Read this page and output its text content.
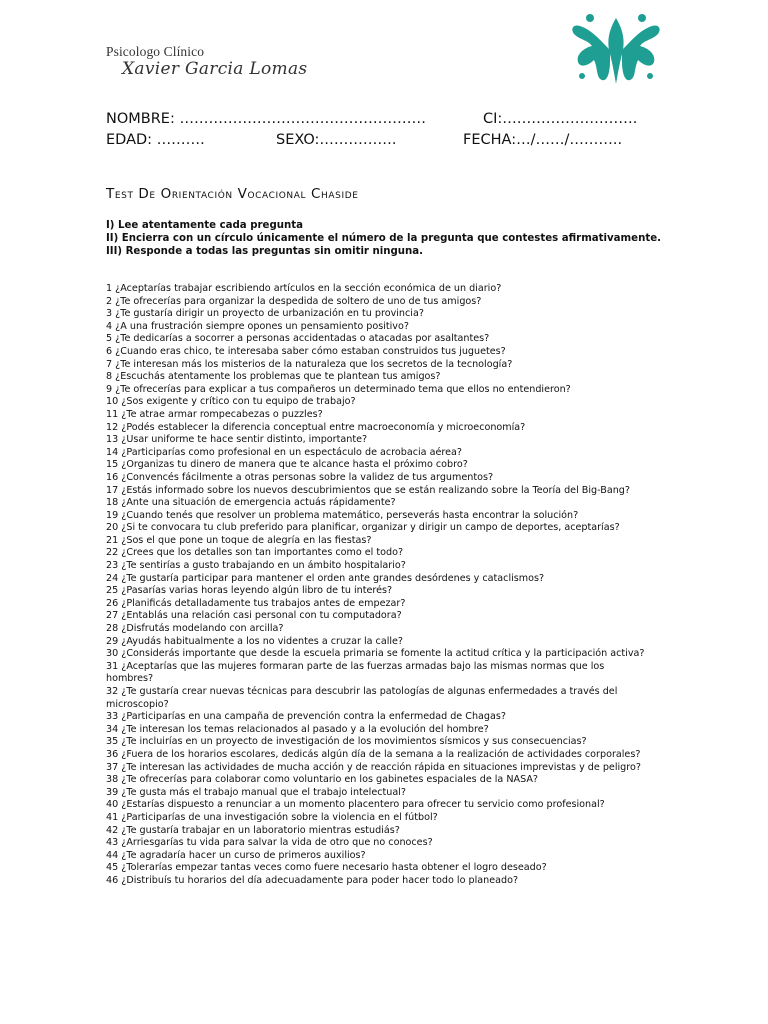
Psicologo Clínico
Xavier Garcia Lomas
NOMBRE: ……………………………………………	CI:……………………….
EDAD: ……….	SEXO:…………….	FECHA:…/……/………..
Test De Orientación Vocacional Chaside
I) Lee atentamente cada pregunta
II) Encierra con un círculo únicamente el número de la pregunta que contestes afirmativamente.
III) Responde a todas las preguntas sin omitir ninguna.
1 ¿Aceptarías trabajar escribiendo artículos en la sección económica de un diario?
2 ¿Te ofrecerías para organizar la despedida de soltero de uno de tus amigos?
3 ¿Te gustaría dirigir un proyecto de urbanización en tu provincia?
4 ¿A una frustración siempre opones un pensamiento positivo?
5 ¿Te dedicarías a socorrer a personas accidentadas o atacadas por asaltantes?
6 ¿Cuando eras chico, te interesaba saber cómo estaban construidos tus juguetes?
7 ¿Te interesan más los misterios de la naturaleza que los secretos de la tecnología?
8 ¿Escuchás atentamente los problemas que te plantean tus amigos?
9 ¿Te ofrecerías para explicar a tus compañeros un determinado tema que ellos no entendieron?
10 ¿Sos exigente y crítico con tu equipo de trabajo?
11 ¿Te atrae armar rompecabezas o puzzles?
12 ¿Podés establecer la diferencia conceptual entre macroeconomía y microeconomía?
13 ¿Usar uniforme te hace sentir distinto, importante?
14 ¿Participarías como profesional en un espectáculo de acrobacia aérea?
15 ¿Organizas tu dinero de manera que te alcance hasta el próximo cobro?
16 ¿Convencés fácilmente a otras personas sobre la validez de tus argumentos?
17 ¿Estás informado sobre los nuevos descubrimientos que se están realizando sobre la Teoría del Big-Bang?
18 ¿Ante una situación de emergencia actuás rápidamente?
19 ¿Cuando tenés que resolver un problema matemático, perseverás hasta encontrar la solución?
20 ¿Si te convocara tu club preferido para planificar, organizar y dirigir un campo de deportes, aceptarías?
21 ¿Sos el que pone un toque de alegría en las fiestas?
22 ¿Crees que los detalles son tan importantes como el todo?
23 ¿Te sentirías a gusto trabajando en un ámbito hospitalario?
24 ¿Te gustaría participar para mantener el orden ante grandes desórdenes y cataclismos?
25 ¿Pasarías varias horas leyendo algún libro de tu interés?
26 ¿Planificás detalladamente tus trabajos antes de empezar?
27 ¿Entablás una relación casi personal con tu computadora?
28 ¿Disfrutás modelando con arcilla?
29 ¿Ayudás habitualmente a los no videntes a cruzar la calle?
30 ¿Considerás importante que desde la escuela primaria se fomente la actitud crítica y la participación activa?
31 ¿Aceptarías que las mujeres formaran parte de las fuerzas armadas bajo las mismas normas que los hombres?
32 ¿Te gustaría crear nuevas técnicas para descubrir las patologías de algunas enfermedades a través del microscopio?
33 ¿Participarías en una campaña de prevención contra la enfermedad de Chagas?
34 ¿Te interesan los temas relacionados al pasado y a la evolución del hombre?
35 ¿Te incluirías en un proyecto de investigación de los movimientos sísmicos y sus consecuencias?
36 ¿Fuera de los horarios escolares, dedicás algún día de la semana a la realización de actividades corporales?
37 ¿Te interesan las actividades de mucha acción y de reacción rápida en situaciones imprevistas y de peligro?
38 ¿Te ofrecerías para colaborar como voluntario en los gabinetes espaciales de la NASA?
39 ¿Te gusta más el trabajo manual que el trabajo intelectual?
40 ¿Estarías dispuesto a renunciar a un momento placentero para ofrecer tu servicio como profesional?
41 ¿Participarías de una investigación sobre la violencia en el fútbol?
42 ¿Te gustaría trabajar en un laboratorio mientras estudiás?
43 ¿Arriesgarías tu vida para salvar la vida de otro que no conoces?
44 ¿Te agradaría hacer un curso de primeros auxilios?
45 ¿Tolerarías empezar tantas veces como fuere necesario hasta obtener el logro deseado?
46 ¿Distribuís tu horarios del día adecuadamente para poder hacer todo lo planeado?
